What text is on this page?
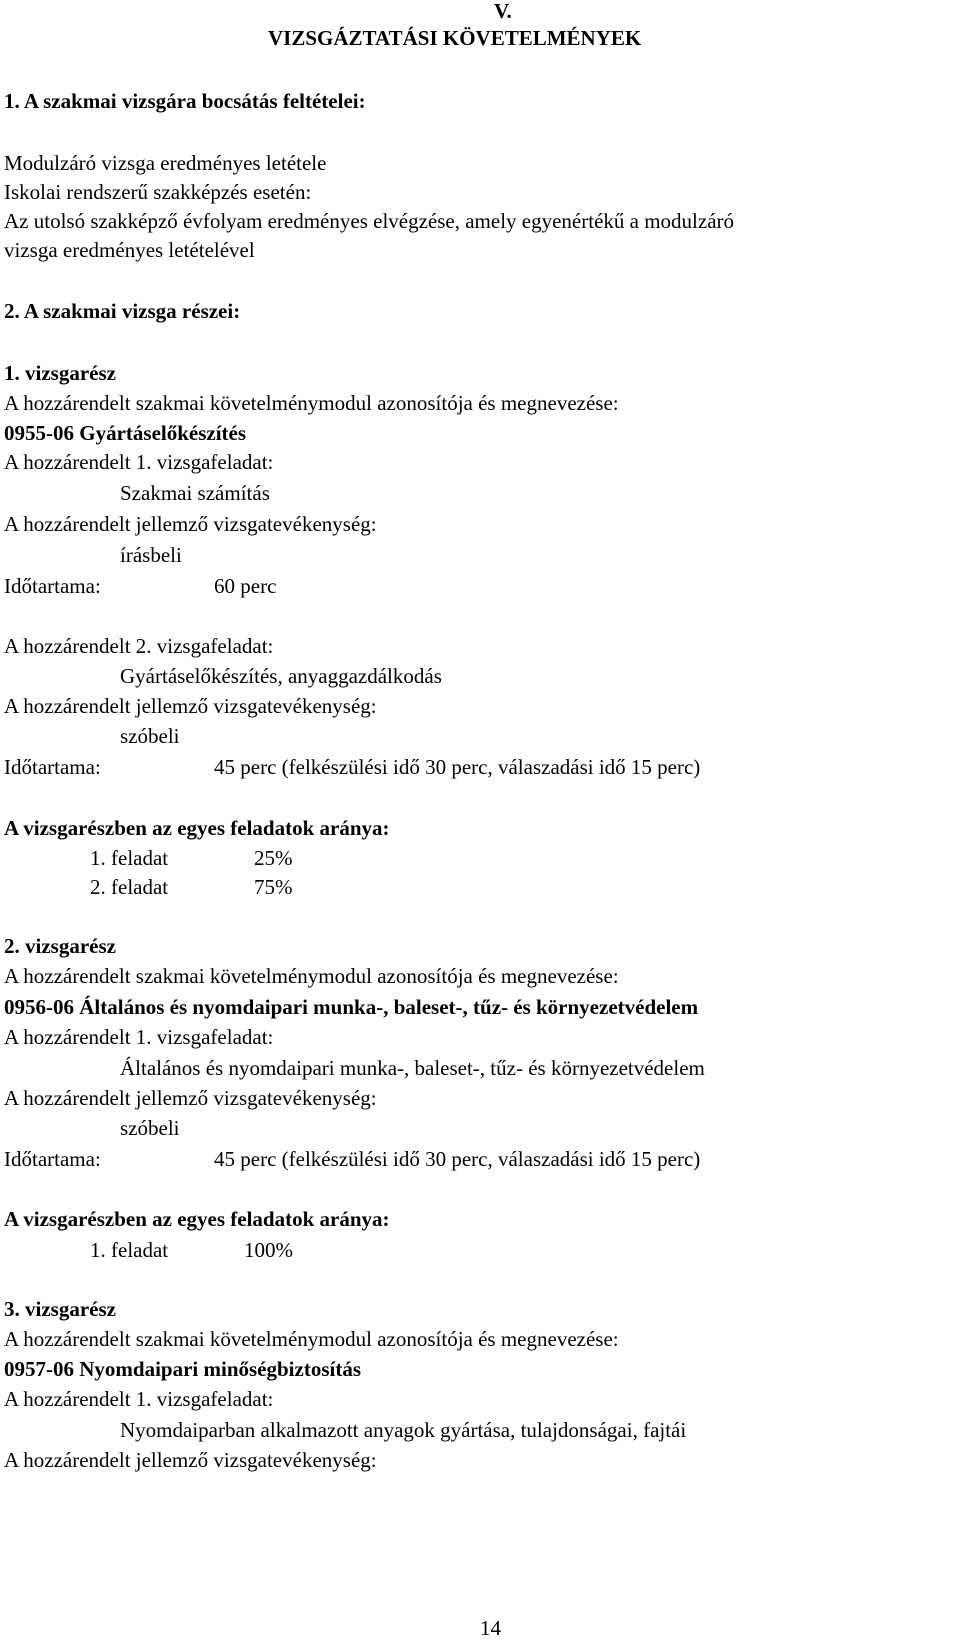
V.
VIZSGÁZTATÁSI KÖVETELMÉNYEK
1. A szakmai vizsgára bocsátás feltételei:
Modulzáró vizsga eredményes letétele
Iskolai rendszerű szakképzés esetén:
Az utolsó szakképző évfolyam eredményes elvégzése, amely egyenértékű a modulzáró
vizsga eredményes letételével
2. A szakmai vizsga részei:
1. vizsgarész
A hozzárendelt szakmai követelménymodul azonosítója és megnevezése:
0955-06 Gyártáselőkészítés
A hozzárendelt 1. vizsgafeladat:
Szakmai számítás
A hozzárendelt jellemző vizsgatevékenység:
írásbeli
Időtartama:	60 perc
A hozzárendelt 2. vizsgafeladat:
Gyártáselőkészítés, anyaggazdálkodás
A hozzárendelt jellemző vizsgatevékenység:
szóbeli
Időtartama:	45 perc (felkészülési idő 30 perc, válaszadási idő 15 perc)
A vizsgarészben az egyes feladatok aránya:
1. feladat	25%
2. feladat	75%
2. vizsgarész
A hozzárendelt szakmai követelménymodul azonosítója és megnevezése:
0956-06 Általános és nyomdaipari munka-, baleset-, tűz- és környezetvédelem
A hozzárendelt 1. vizsgafeladat:
Általános és nyomdaipari munka-, baleset-, tűz- és környezetvédelem
A hozzárendelt jellemző vizsgatevékenység:
szóbeli
Időtartama:	45 perc (felkészülési idő 30 perc, válaszadási idő 15 perc)
A vizsgarészben az egyes feladatok aránya:
1. feladat	100%
3. vizsgarész
A hozzárendelt szakmai követelménymodul azonosítója és megnevezése:
0957-06 Nyomdaipari minőségbiztosítás
A hozzárendelt 1. vizsgafeladat:
Nyomdaiparban alkalmazott anyagok gyártása, tulajdonságai, fajtái
A hozzárendelt jellemző vizsgatevékenység:
14
